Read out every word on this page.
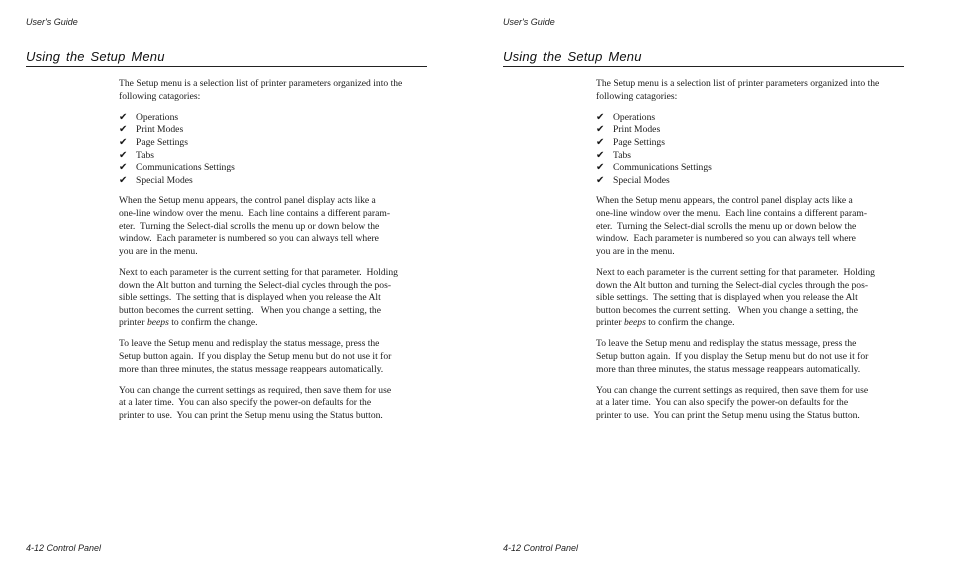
User's Guide
Using the Setup Menu

The Setup menu is a selection list of printer parameters organized into the

following catagories:

✔ Operations
✔ Print Modes
✔ Page Settings
✔ Tabs
✔ Communications Settings
✔ Special Modes

When the Setup menu appears, the control panel display acts like a

one-line window over the menu.  Each line contains a different param-

eter.  Turning the Select-dial scrolls the menu up or down below the

window.  Each parameter is numbered so you can always tell where

you are in the menu.

Next to each parameter is the current setting for that parameter.  Holding

down the Alt button and turning the Select-dial cycles through the pos-

sible settings.  The setting that is displayed when you release the Alt

button becomes the current setting.   When you change a setting, the

printer beeps to confirm the change.

To leave the Setup menu and redisplay the status message, press the

Setup button again.  If you display the Setup menu but do not use it for

more than three minutes, the status message reappears automatically.

You can change the current settings as required, then save them for use

at a later time.  You can also specify the power-on defaults for the

printer to use.  You can print the Setup menu using the Status button.

4-12 Control Panel
User's Guide
Using the Setup Menu

The Setup menu is a selection list of printer parameters organized into the

following catagories:

✔ Operations
✔ Print Modes
✔ Page Settings
✔ Tabs
✔ Communications Settings
✔ Special Modes

When the Setup menu appears, the control panel display acts like a

one-line window over the menu.  Each line contains a different param-

eter.  Turning the Select-dial scrolls the menu up or down below the

window.  Each parameter is numbered so you can always tell where

you are in the menu.

Next to each parameter is the current setting for that parameter.  Holding

down the Alt button and turning the Select-dial cycles through the pos-

sible settings.  The setting that is displayed when you release the Alt

button becomes the current setting.   When you change a setting, the

printer beeps to confirm the change.

To leave the Setup menu and redisplay the status message, press the

Setup button again.  If you display the Setup menu but do not use it for

more than three minutes, the status message reappears automatically.

You can change the current settings as required, then save them for use

at a later time.  You can also specify the power-on defaults for the

printer to use.  You can print the Setup menu using the Status button.

4-12 Control Panel
